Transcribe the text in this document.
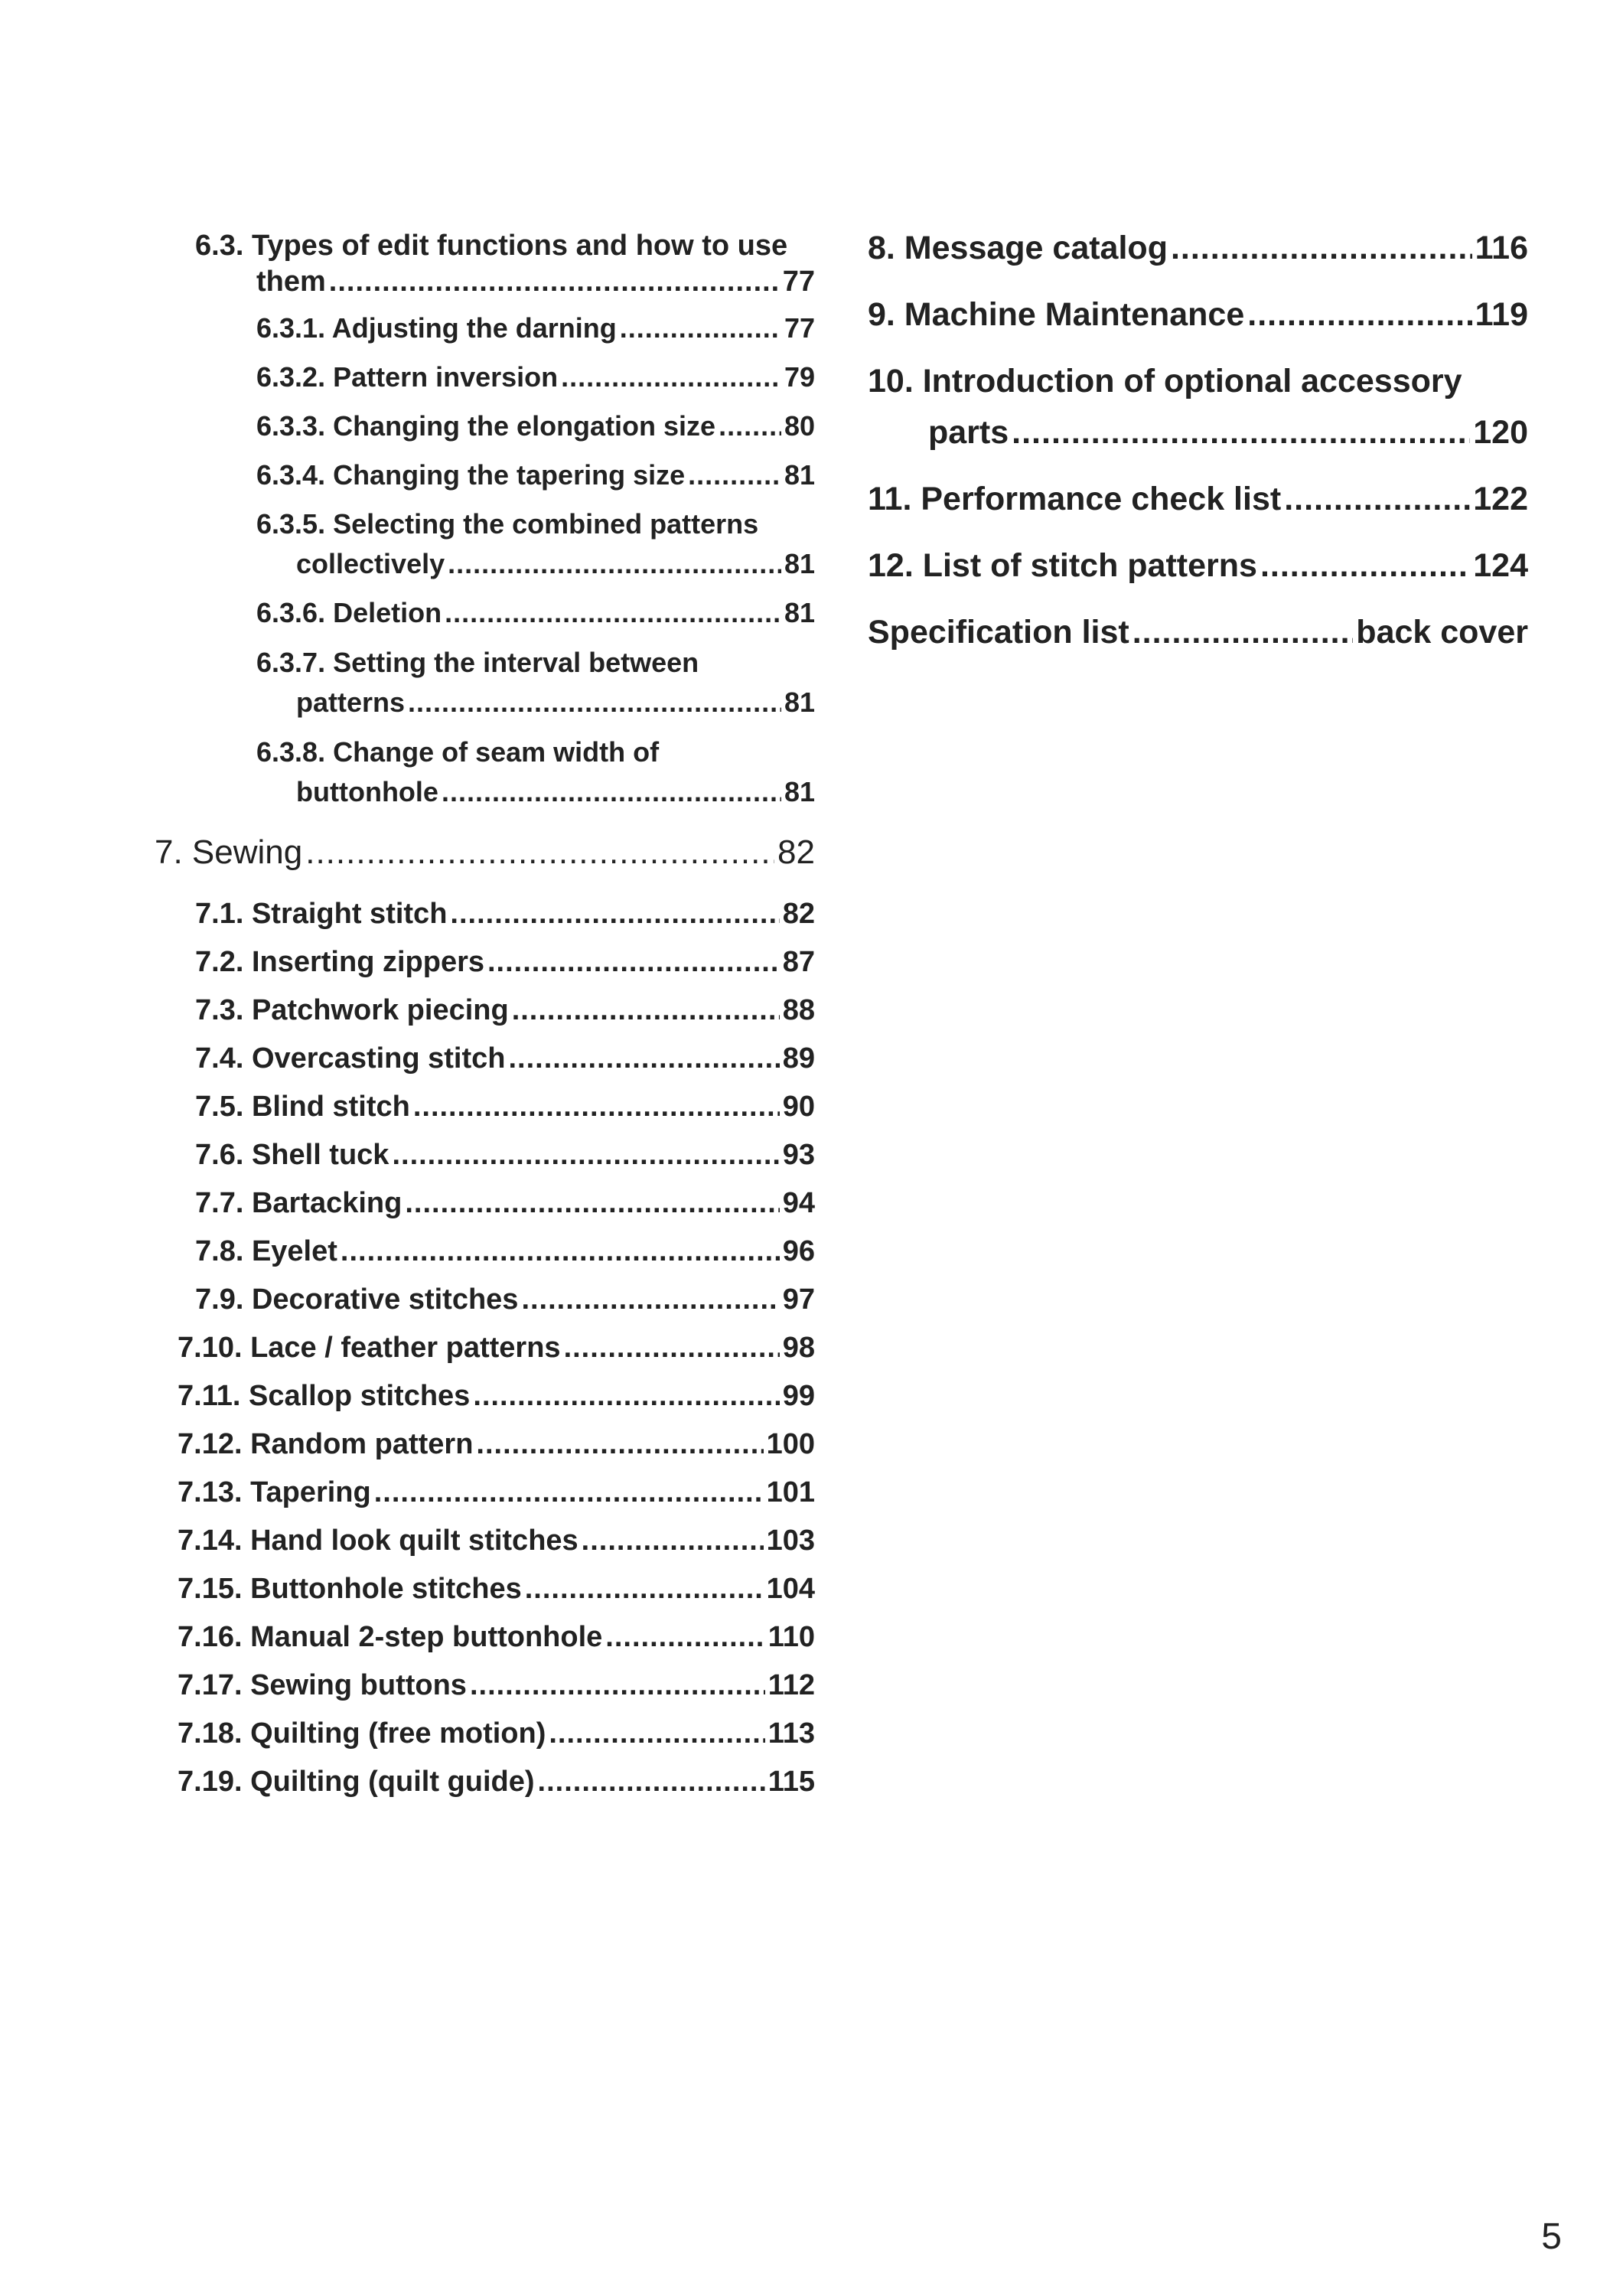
6.3. Types of edit functions and how to use
them .....	77
6.3.1. Adjusting the darning .....	77
6.3.2. Pattern inversion .....	79
6.3.3. Changing the elongation size ..... 80
6.3.4. Changing the tapering size .....	81
6.3.5. Selecting the combined patterns
collectively .....	81
6.3.6. Deletion .....	81
6.3.7. Setting the interval between
patterns .....	81
6.3.8. Change of seam width of
buttonhole .....	81
7. Sewing .....	82
7.1. Straight stitch .....	82
7.2. Inserting zippers .....	87
7.3. Patchwork piecing .....	88
7.4. Overcasting stitch .....	89
7.5. Blind stitch .....	90
7.6. Shell tuck .....	93
7.7. Bartacking .....	94
7.8. Eyelet .....	96
7.9. Decorative stitches .....	97
7.10. Lace / feather patterns .....	98
7.11. Scallop stitches .....	99
7.12. Random pattern .....	100
7.13. Tapering .....	101
7.14. Hand look quilt stitches .....	103
7.15. Buttonhole stitches .....	104
7.16. Manual 2-step buttonhole .....	110
7.17. Sewing buttons .....	112
7.18. Quilting (free motion) .....	113
7.19. Quilting (quilt guide) .....	115
8. Message catalog .....	116
9. Machine Maintenance .....	119
10. Introduction of optional accessory
parts .....	120
11. Performance check list .....	122
12. List of stitch patterns .....	124
Specification list .....	back cover
5
